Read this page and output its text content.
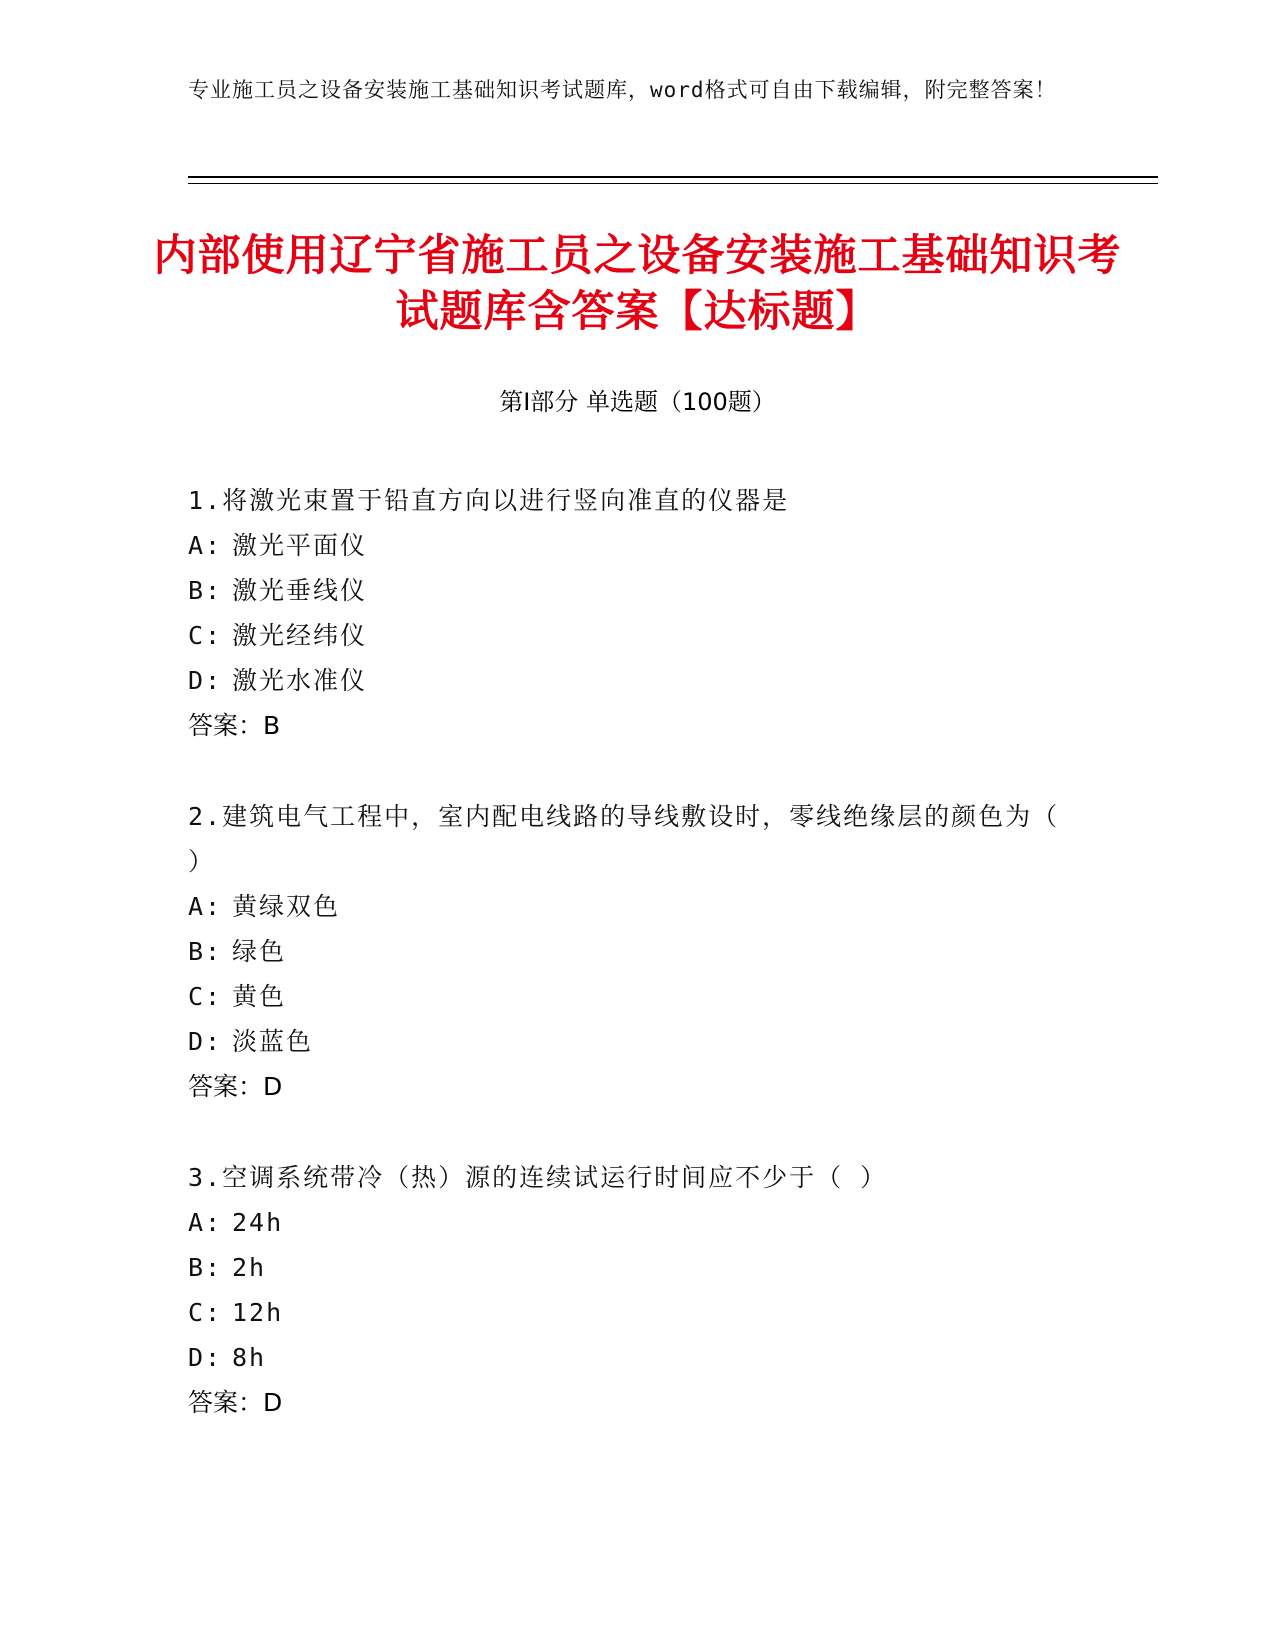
专业施工员之设备安装施工基础知识考试题库，word格式可自由下载编辑，附完整答案！
内部使用辽宁省施工员之设备安装施工基础知识考试题库含答案【达标题】
第Ⅰ部分 单选题（100题）

1.将激光束置于铅直方向以进行竖向准直的仪器是

A: 激光平面仪

B: 激光垂线仪

C: 激光经纬仪

D: 激光水准仪

答案：B

2.建筑电气工程中，室内配电线路的导线敷设时，零线绝缘层的颜色为（ ）

A: 黄绿双色

B: 绿色

C: 黄色

D: 淡蓝色

答案：D

3.空调系统带冷（热）源的连续试运行时间应不少于（ ）

A: 24h

B: 2h

C: 12h

D: 8h

答案：D
